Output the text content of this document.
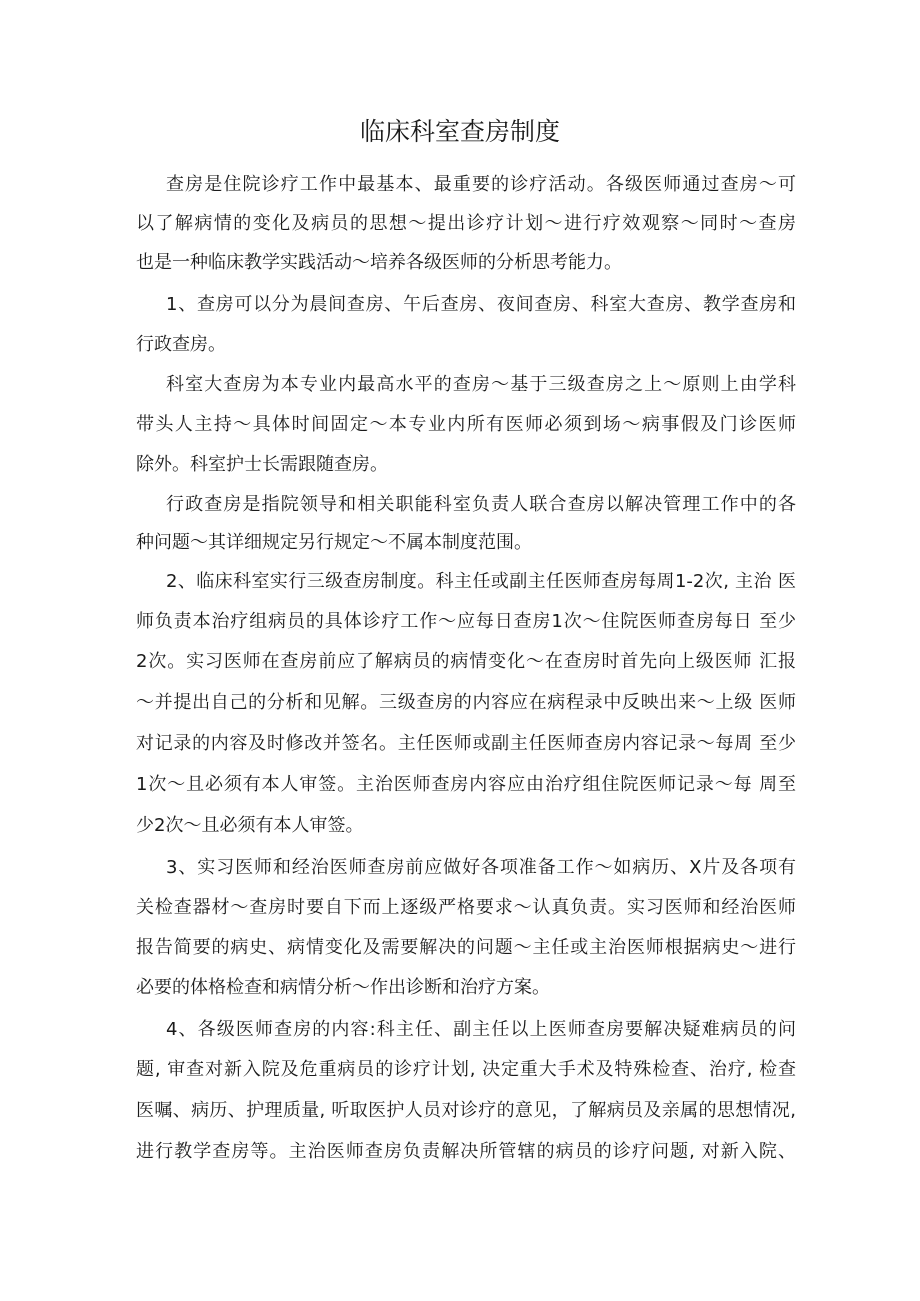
临床科室查房制度

查房是住院诊疗工作中最基本、最重要的诊疗活动。各级医师通过查房～可

以了解病情的变化及病员的思想～提出诊疗计划～进行疗效观察～同时～查房

也是一种临床教学实践活动～培养各级医师的分析思考能力。

1、查房可以分为晨间查房、午后查房、夜间查房、科室大查房、教学查房和

行政查房。

科室大查房为本专业内最高水平的查房～基于三级查房之上～原则上由学科

带头人主持～具体时间固定～本专业内所有医师必须到场～病事假及门诊医师

除外。科室护士长需跟随查房。

行政查房是指院领导和相关职能科室负责人联合查房以解决管理工作中的各

种问题～其详细规定另行规定～不属本制度范围。

2、临床科室实行三级查房制度。科主任或副主任医师查房每周1-2次, 主治 医

师负责本治疗组病员的具体诊疗工作～应每日查房1次～住院医师查房每日 至少

2次。实习医师在查房前应了解病员的病情变化～在查房时首先向上级医师 汇报

～并提出自己的分析和见解。三级查房的内容应在病程录中反映出来～上级 医师

对记录的内容及时修改并签名。主任医师或副主任医师查房内容记录～每周 至少

1次～且必须有本人审签。主治医师查房内容应由治疗组住院医师记录～每 周至

少2次～且必须有本人审签。

3、实习医师和经治医师查房前应做好各项准备工作～如病历、X片及各项有

关检查器材～查房时要自下而上逐级严格要求～认真负责。实习医师和经治医师

报告简要的病史、病情变化及需要解决的问题～主任或主治医师根据病史～进行

必要的体格检查和病情分析～作出诊断和治疗方案。

4、各级医师查房的内容:科主任、副主任以上医师查房要解决疑难病员的问

题, 审查对新入院及危重病员的诊疗计划, 决定重大手术及特殊检查、治疗, 检查

医嘱、病历、护理质量, 听取医护人员对诊疗的意见，了解病员及亲属的思想情况,

进行教学查房等。主治医师查房负责解决所管辖的病员的诊疗问题, 对新入院、
